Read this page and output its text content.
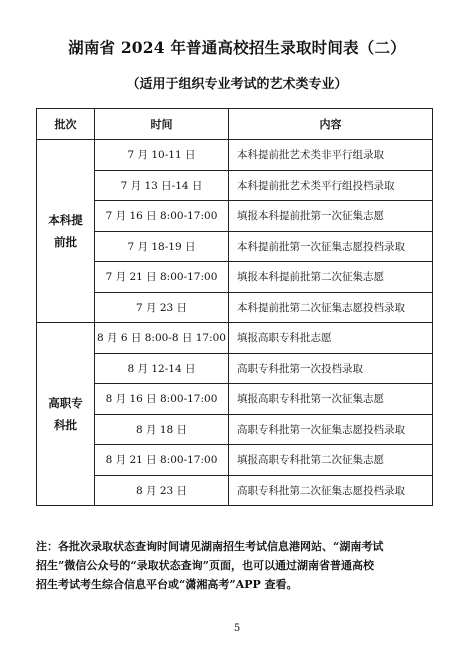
湖南省 2024 年普通高校招生录取时间表（二）
（适用于组织专业考试的艺术类专业）
批次	时间	内容
本科提
前批	7 月 10-11 日	本科提前批艺术类非平行组录取
	7 月 13 日-14 日	本科提前批艺术类平行组投档录取
	7 月 16 日 8:00-17:00	填报本科提前批第一次征集志愿
	7 月 18-19 日	本科提前批第一次征集志愿投档录取
	7 月 21 日 8:00-17:00	填报本科提前批第二次征集志愿
	7 月 23 日	本科提前批第二次征集志愿投档录取
高职专
科批	8 月 6 日 8:00-8 日 17:00	填报高职专科批志愿
	8 月 12-14 日	高职专科批第一次投档录取
	8 月 16 日 8:00-17:00	填报高职专科批第一次征集志愿
	8 月 18 日	高职专科批第一次征集志愿投档录取
	8 月 21 日 8:00-17:00	填报高职专科批第二次征集志愿
	8 月 23 日	高职专科批第二次征集志愿投档录取
注：各批次录取状态查询时间请见湖南招生考试信息港网站、“湖南考试
招生”微信公众号的“录取状态查询”页面，也可以通过湖南省普通高校
招生考试考生综合信息平台或“潇湘高考”APP 查看。
5
